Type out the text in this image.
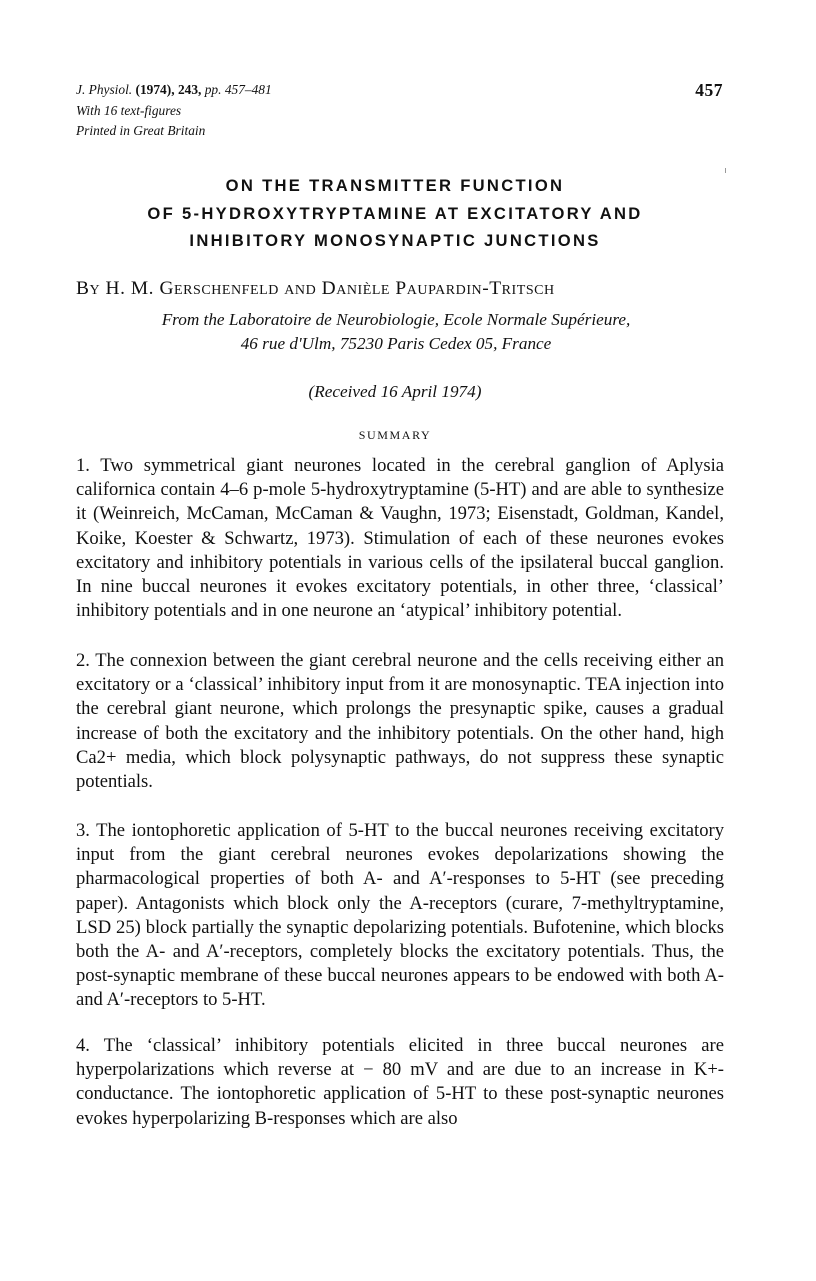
J. Physiol. (1974), 243, pp. 457–481
With 16 text-figures
Printed in Great Britain
457
ON THE TRANSMITTER FUNCTION
OF 5-HYDROXYTRYPTAMINE AT EXCITATORY AND
INHIBITORY MONOSYNAPTIC JUNCTIONS
By H. M. Gerschenfeld and Danièle Paupardin-Tritsch
From the Laboratoire de Neurobiologie, Ecole Normale Supérieure,
46 rue d'Ulm, 75230 Paris Cedex 05, France
(Received 16 April 1974)
SUMMARY

1. Two symmetrical giant neurones located in the cerebral ganglion of Aplysia californica contain 4–6 p-mole 5-hydroxytryptamine (5-HT) and are able to synthesize it (Weinreich, McCaman, McCaman & Vaughn, 1973; Eisenstadt, Goldman, Kandel, Koike, Koester & Schwartz, 1973). Stimulation of each of these neurones evokes excitatory and inhibitory potentials in various cells of the ipsilateral buccal ganglion. In nine buccal neurones it evokes excitatory potentials, in other three, ‘classical’ inhibitory potentials and in one neurone an ‘atypical’ inhibitory potential.

2. The connexion between the giant cerebral neurone and the cells receiving either an excitatory or a ‘classical’ inhibitory input from it are monosynaptic. TEA injection into the cerebral giant neurone, which prolongs the presynaptic spike, causes a gradual increase of both the excitatory and the inhibitory potentials. On the other hand, high Ca2+ media, which block polysynaptic pathways, do not suppress these synaptic potentials.

3. The iontophoretic application of 5-HT to the buccal neurones receiving excitatory input from the giant cerebral neurones evokes depolarizations showing the pharmacological properties of both A- and A′-responses to 5-HT (see preceding paper). Antagonists which block only the A-receptors (curare, 7-methyltryptamine, LSD 25) block partially the synaptic depolarizing potentials. Bufotenine, which blocks both the A- and A′-receptors, completely blocks the excitatory potentials. Thus, the post-synaptic membrane of these buccal neurones appears to be endowed with both A- and A′-receptors to 5-HT.

4. The ‘classical’ inhibitory potentials elicited in three buccal neurones are hyperpolarizations which reverse at − 80 mV and are due to an increase in K+-conductance. The iontophoretic application of 5-HT to these post-synaptic neurones evokes hyperpolarizing B-responses which are also
